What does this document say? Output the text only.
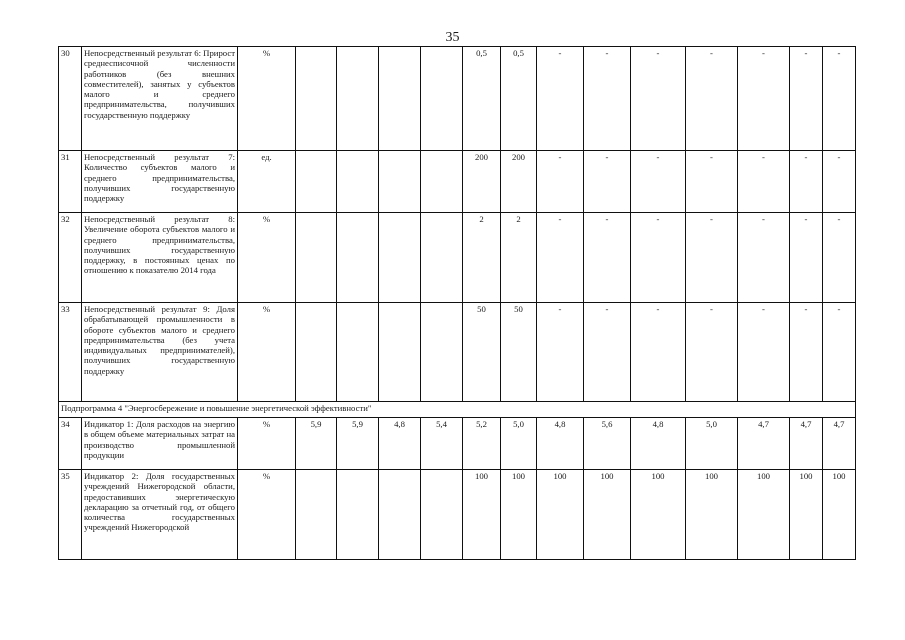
35
30	Непосредственный результат 6: Прирост среднесписочной численности работников (без внешних совместителей), занятых у субъектов малого и среднего предпринимательства, получивших государственную поддержку	%					0,5	0,5	-	-	-	-	-	-	-
31	Непосредственный результат 7: Количество субъектов малого и среднего предпринимательства, получивших государственную поддержку	ед.					200	200	-	-	-	-	-	-	-
32	Непосредственный результат 8: Увеличение оборота субъектов малого и среднего предпринимательства, получивших государственную поддержку, в постоянных ценах по отношению к показателю 2014 года	%					2	2	-	-	-	-	-	-	-
33	Непосредственный результат 9: Доля обрабатывающей промышленности в обороте субъектов малого и среднего предпринимательства (без учета индивидуальных предпринимателей), получивших государственную поддержку	%					50	50	-	-	-	-	-	-	-
Подпрограмма 4 "Энергосбережение и повышение энергетической эффективности"															
34	Индикатор 1: Доля расходов на энергию в общем объеме материальных затрат на производство промышленной продукции	%	5,9	5,9	4,8	5,4	5,2	5,0	4,8	5,6	4,8	5,0	4,7	4,7	4,7
35	Индикатор 2: Доля государственных учреждений Нижегородской области, предоставивших энергетическую декларацию за отчетный год, от общего количества государственных учреждений Нижегородской	%					100	100	100	100	100	100	100	100	100
